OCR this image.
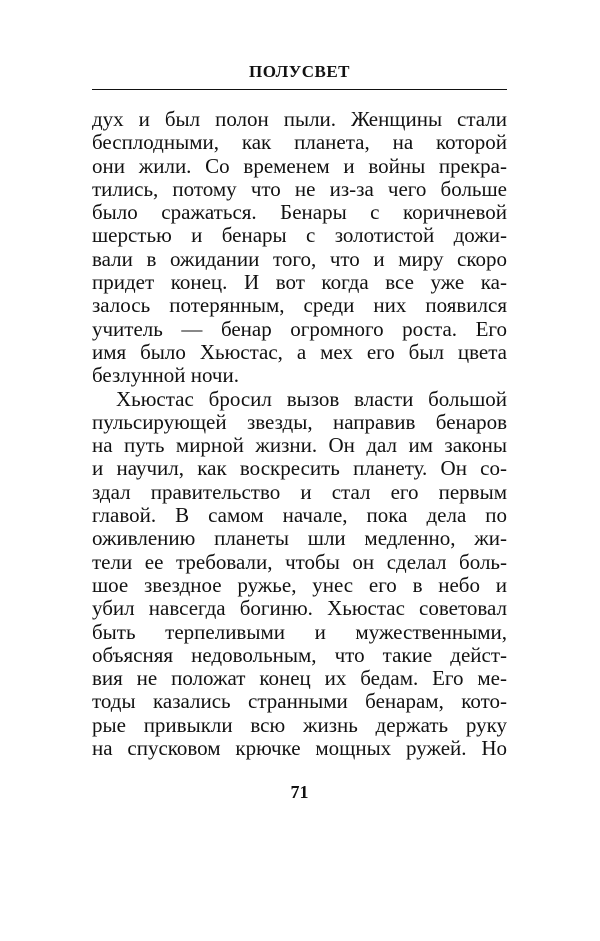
ПОЛУСВЕТ
дух и был полон пыли. Женщины стали
бесплодными, как планета, на которой
они жили. Со временем и войны прекра-
тились, потому что не из-за чего больше
было сражаться. Бенары с коричневой
шерстью и бенары с золотистой дожи-
вали в ожидании того, что и миру скоро
придет конец. И вот когда все уже ка-
залось потерянным, среди них появился
учитель — бенар огромного роста. Его
имя было Хьюстас, а мех его был цвета
безлунной ночи.
Хьюстас бросил вызов власти большой
пульсирующей звезды, направив бенаров
на путь мирной жизни. Он дал им законы
и научил, как воскресить планету. Он со-
здал правительство и стал его первым
главой. В самом начале, пока дела по
оживлению планеты шли медленно, жи-
тели ее требовали, чтобы он сделал боль-
шое звездное ружье, унес его в небо и
убил навсегда богиню. Хьюстас советовал
быть терпеливыми и мужественными,
объясняя недовольным, что такие дейст-
вия не положат конец их бедам. Его ме-
тоды казались странными бенарам, кото-
рые привыкли всю жизнь держать руку
на спусковом крючке мощных ружей. Но
71
